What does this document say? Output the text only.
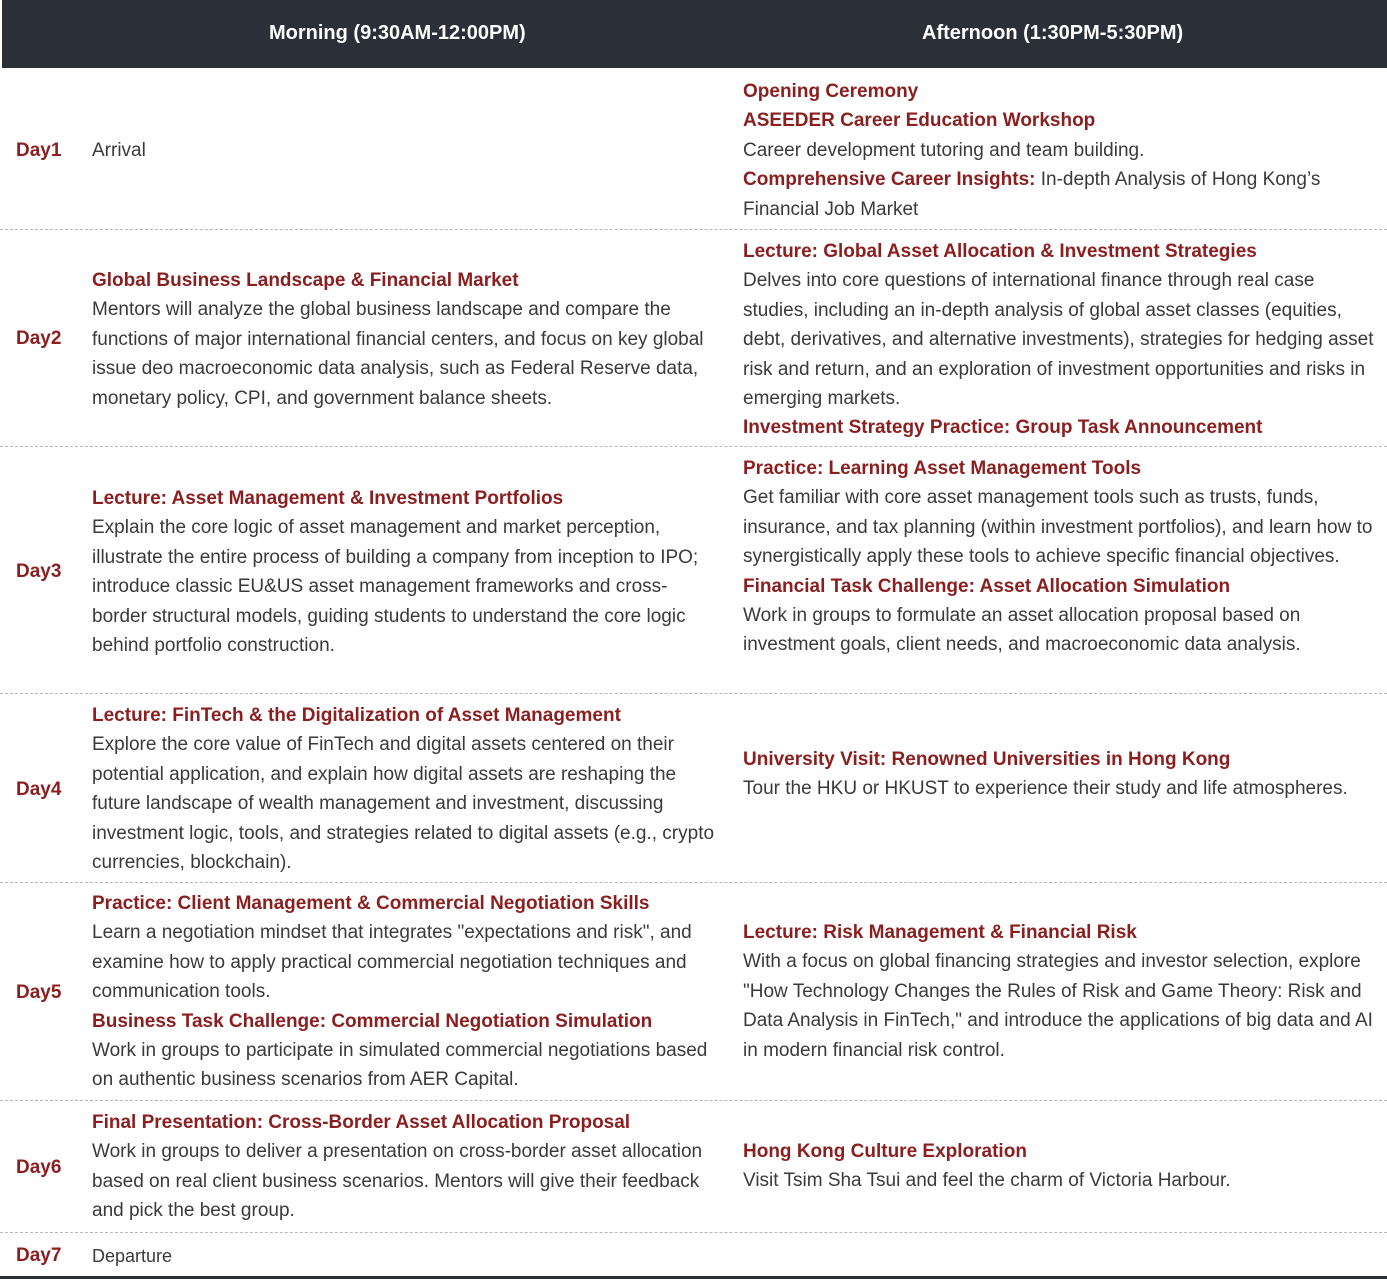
Morning (9:30AM-12:00PM)	Afternoon (1:30PM-5:30PM)
Day1 Arrival
Opening Ceremony
ASEEDER Career Education Workshop
Career development tutoring and team building.
Comprehensive Career Insights: In-depth Analysis of Hong Kong’s Financial Job Market
Day2
Global Business Landscape & Financial Market
Mentors will analyze the global business landscape and compare the functions of major international financial centers, and focus on key global issue deo macroeconomic data analysis, such as Federal Reserve data, monetary policy, CPI, and government balance sheets.
Lecture: Global Asset Allocation & Investment Strategies
Delves into core questions of international finance through real case studies, including an in-depth analysis of global asset classes (equities, debt, derivatives, and alternative investments), strategies for hedging asset risk and return, and an exploration of investment opportunities and risks in emerging markets.
Investment Strategy Practice: Group Task Announcement
Day3
Lecture: Asset Management & Investment Portfolios
Explain the core logic of asset management and market perception, illustrate the entire process of building a company from inception to IPO; introduce classic EU&US asset management frameworks and cross-border structural models, guiding students to understand the core logic behind portfolio construction.
Practice: Learning Asset Management Tools
Get familiar with core asset management tools such as trusts, funds, insurance, and tax planning (within investment portfolios), and learn how to synergistically apply these tools to achieve specific financial objectives.
Financial Task Challenge: Asset Allocation Simulation
Work in groups to formulate an asset allocation proposal based on investment goals, client needs, and macroeconomic data analysis.
Day4
Lecture: FinTech & the Digitalization of Asset Management
Explore the core value of FinTech and digital assets centered on their potential application, and explain how digital assets are reshaping the future landscape of wealth management and investment, discussing investment logic, tools, and strategies related to digital assets (e.g., crypto currencies, blockchain).
University Visit: Renowned Universities in Hong Kong
Tour the HKU or HKUST to experience their study and life atmospheres.
Day5
Practice: Client Management & Commercial Negotiation Skills
Learn a negotiation mindset that integrates "expectations and risk", and examine how to apply practical commercial negotiation techniques and communication tools.
Business Task Challenge: Commercial Negotiation Simulation
Work in groups to participate in simulated commercial negotiations based on authentic business scenarios from AER Capital.
Lecture: Risk Management & Financial Risk
With a focus on global financing strategies and investor selection, explore "How Technology Changes the Rules of Risk and Game Theory: Risk and Data Analysis in FinTech," and introduce the applications of big data and AI in modern financial risk control.
Day6
Final Presentation: Cross-Border Asset Allocation Proposal
Work in groups to deliver a presentation on cross-border asset allocation based on real client business scenarios. Mentors will give their feedback and pick the best group.
Hong Kong Culture Exploration
Visit Tsim Sha Tsui and feel the charm of Victoria Harbour.
Day7 Departure
